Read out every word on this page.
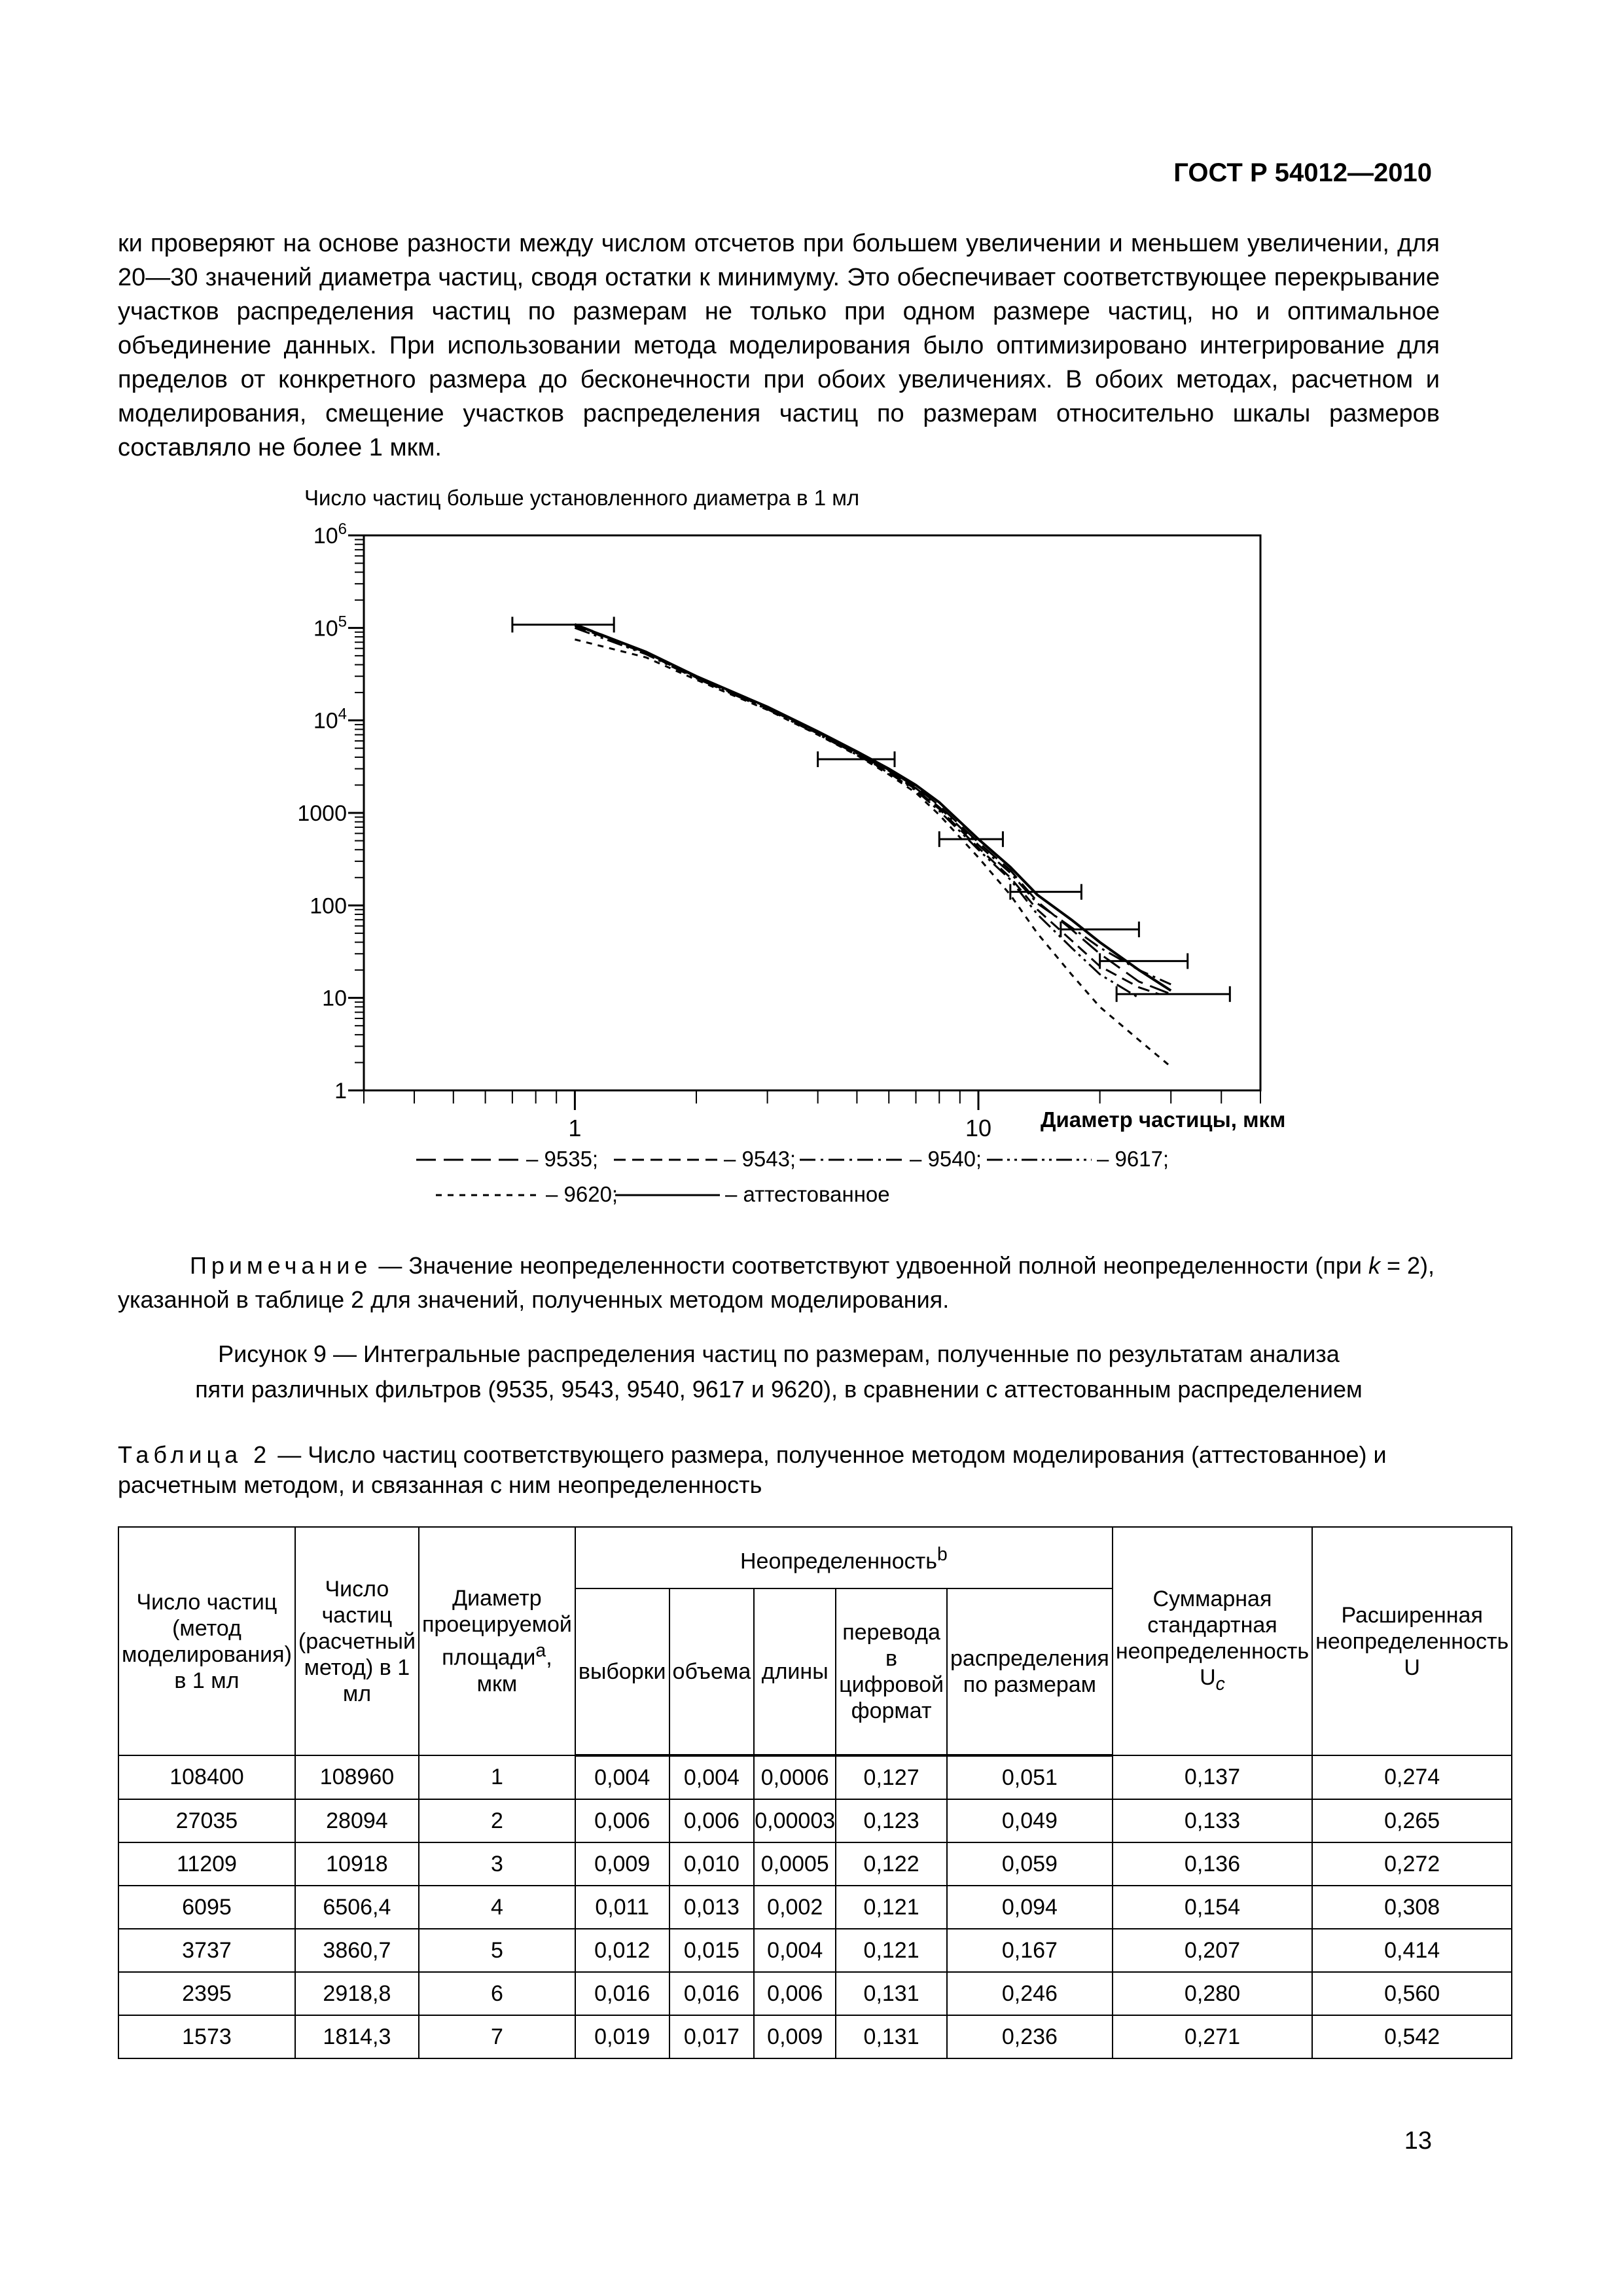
ГОСТ Р 54012—2010

ки проверяют на основе разности между числом отсчетов при большем увеличении и меньшем увеличении, для 20—30 значений диаметра частиц, сводя остатки к минимуму. Это обеспечивает соответствующее перекрывание участков распределения частиц по размерам не только при одном размере частиц, но и оптимальное объединение данных. При использовании метода моделирования было оптимизировано интегрирование для пределов от конкретного размера до бесконечности при обоих увеличениях. В обоих методах, расчетном и моделирования, смещение участков распределения частиц по размерам относительно шкалы размеров составляло не более 1 мкм.

Число частиц больше установленного диаметра в 1 мл
1
10
100
1000
$10^4$
$10^5$
$10^6$
1	10 Диаметр частицы, мкм
– 9535;	– 9543;	– 9540;	– 9617;
– 9620;	– аттестованное

Примечание — Значение неопределенности соответствуют удвоенной полной неопределенности (при k = 2), указанной в таблице 2 для значений, полученных методом моделирования.

Рисунок 9 — Интегральные распределения частиц по размерам, полученные по результатам анализа
пяти различных фильтров (9535, 9543, 9540, 9617 и 9620), в сравнении с аттестованным распределением

Таблица 2 — Число частиц соответствующего размера, полученное методом моделирования (аттестованное) и расчетным методом, и связанная с ним неопределенность

Число частиц (метод моделирования) в 1 мл	Число частиц (расчетный метод) в 1 мл	Диаметр проецируемой площади$^a$, мкм	Неопределенность$^b$					Суммарная стандартная неопределенность $U_c$	Расширенная неопределенность U
			выборки	объема	длины	перевода в цифровой формат	распределения по размерам		
108400	108960	1	0,004	0,004	0,0006	0,127	0,051	0,137	0,274
27035	28094	2	0,006	0,006	0,00003	0,123	0,049	0,133	0,265
11209	10918	3	0,009	0,010	0,0005	0,122	0,059	0,136	0,272
6095	6506,4	4	0,011	0,013	0,002	0,121	0,094	0,154	0,308
3737	3860,7	5	0,012	0,015	0,004	0,121	0,167	0,207	0,414
2395	2918,8	6	0,016	0,016	0,006	0,131	0,246	0,280	0,560
1573	1814,3	7	0,019	0,017	0,009	0,131	0,236	0,271	0,542
13
